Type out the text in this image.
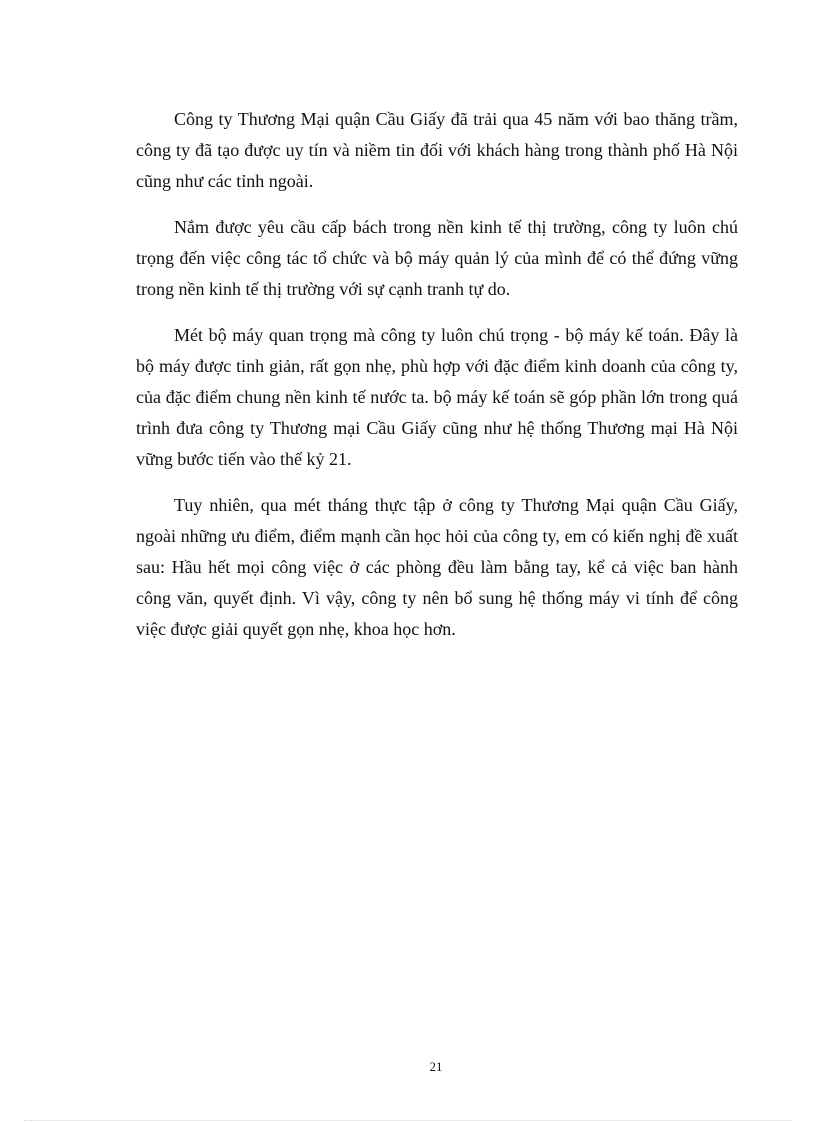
Công ty Thương Mại quận Cầu Giấy đã trải qua 45 năm với bao thăng trầm, công ty đã tạo được uy tín và niềm tin đối với khách hàng trong thành phố Hà Nội cũng như các tỉnh ngoài.

Nắm được yêu cầu cấp bách trong nền kinh tế thị trường, công ty luôn chú trọng đến việc công tác tổ chức và bộ máy quản lý của mình để có thể đứng vững trong nền kinh tế thị trường với sự cạnh tranh tự do.

Mét bộ máy quan trọng mà công ty luôn chú trọng - bộ máy kế toán. Đây là bộ máy được tinh giản, rất gọn nhẹ, phù hợp với đặc điểm kinh doanh của công ty, của đặc điểm chung nền kinh tế nước ta. bộ máy kế toán sẽ góp phần lớn trong quá trình đưa công ty Thương mại Cầu Giấy cũng như hệ thống Thương mại Hà Nội vững bước tiến vào thế kỷ 21.

Tuy nhiên, qua mét tháng thực tập ở công ty Thương Mại quận Cầu Giấy, ngoài những ưu điểm, điểm mạnh cần học hỏi của công ty, em có kiến nghị đề xuất sau: Hầu hết mọi công việc ở các phòng đều làm bằng tay, kể cả việc ban hành công văn, quyết định. Vì vậy, công ty nên bổ sung hệ thống máy vi tính để công việc được giải quyết gọn nhẹ, khoa học hơn.

21
